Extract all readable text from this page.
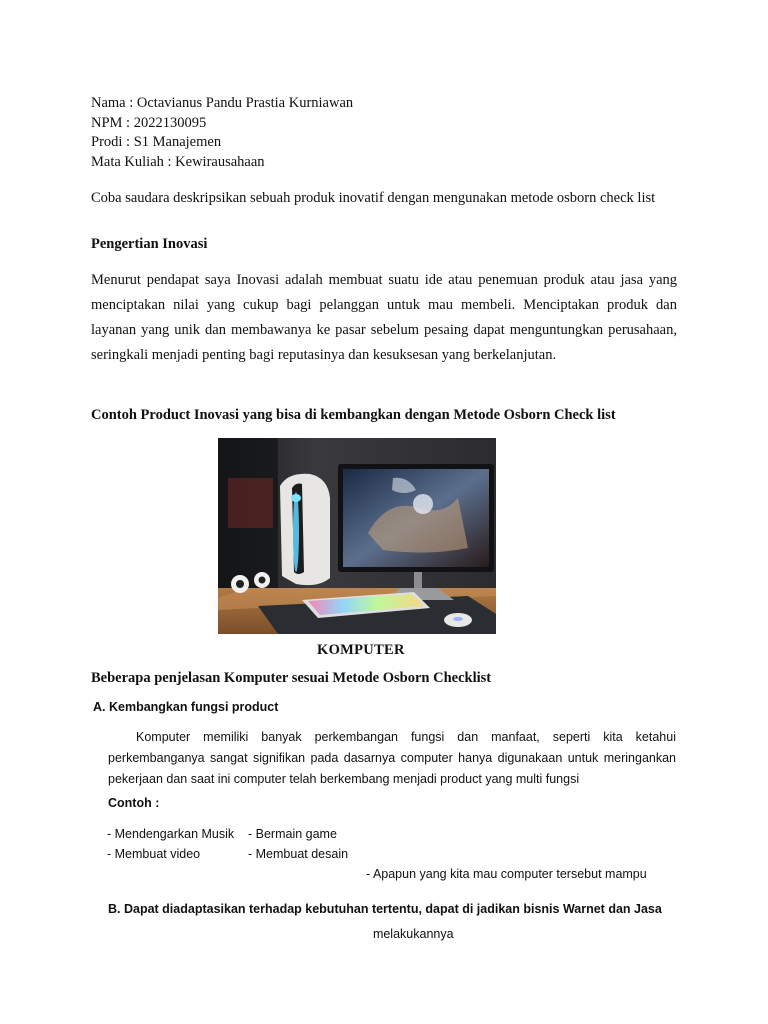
Nama : Octavianus Pandu Prastia Kurniawan
NPM : 2022130095
Prodi : S1 Manajemen
Mata Kuliah : Kewirausahaan
Coba saudara deskripsikan sebuah produk inovatif dengan mengunakan metode osborn check list
Pengertian Inovasi
Menurut pendapat saya Inovasi adalah membuat suatu ide atau penemuan produk atau jasa yang menciptakan nilai yang cukup bagi pelanggan untuk mau membeli. Menciptakan produk dan layanan yang unik dan membawanya ke pasar sebelum pesaing dapat menguntungkan perusahaan, seringkali menjadi penting bagi reputasinya dan kesuksesan yang berkelanjutan.
Contoh Product Inovasi yang bisa di kembangkan dengan Metode Osborn Check list
KOMPUTER
Beberapa penjelasan Komputer sesuai Metode Osborn Checklist
A. Kembangkan fungsi product
Komputer memiliki banyak perkembangan fungsi dan manfaat, seperti kita ketahui perkembanganya sangat signifikan pada dasarnya computer hanya digunakaan untuk meringankan pekerjaan dan saat ini computer telah berkembang menjadi product yang multi fungsi
Contoh :
- Mendengarkan Musik
- Membuat video
- Bermain game
- Membuat desain

- Apapun yang kita mau computer tersebut mampu

melakukannya

B. Dapat diadaptasikan terhadap kebutuhan tertentu, dapat di jadikan bisnis Warnet dan Jasa
